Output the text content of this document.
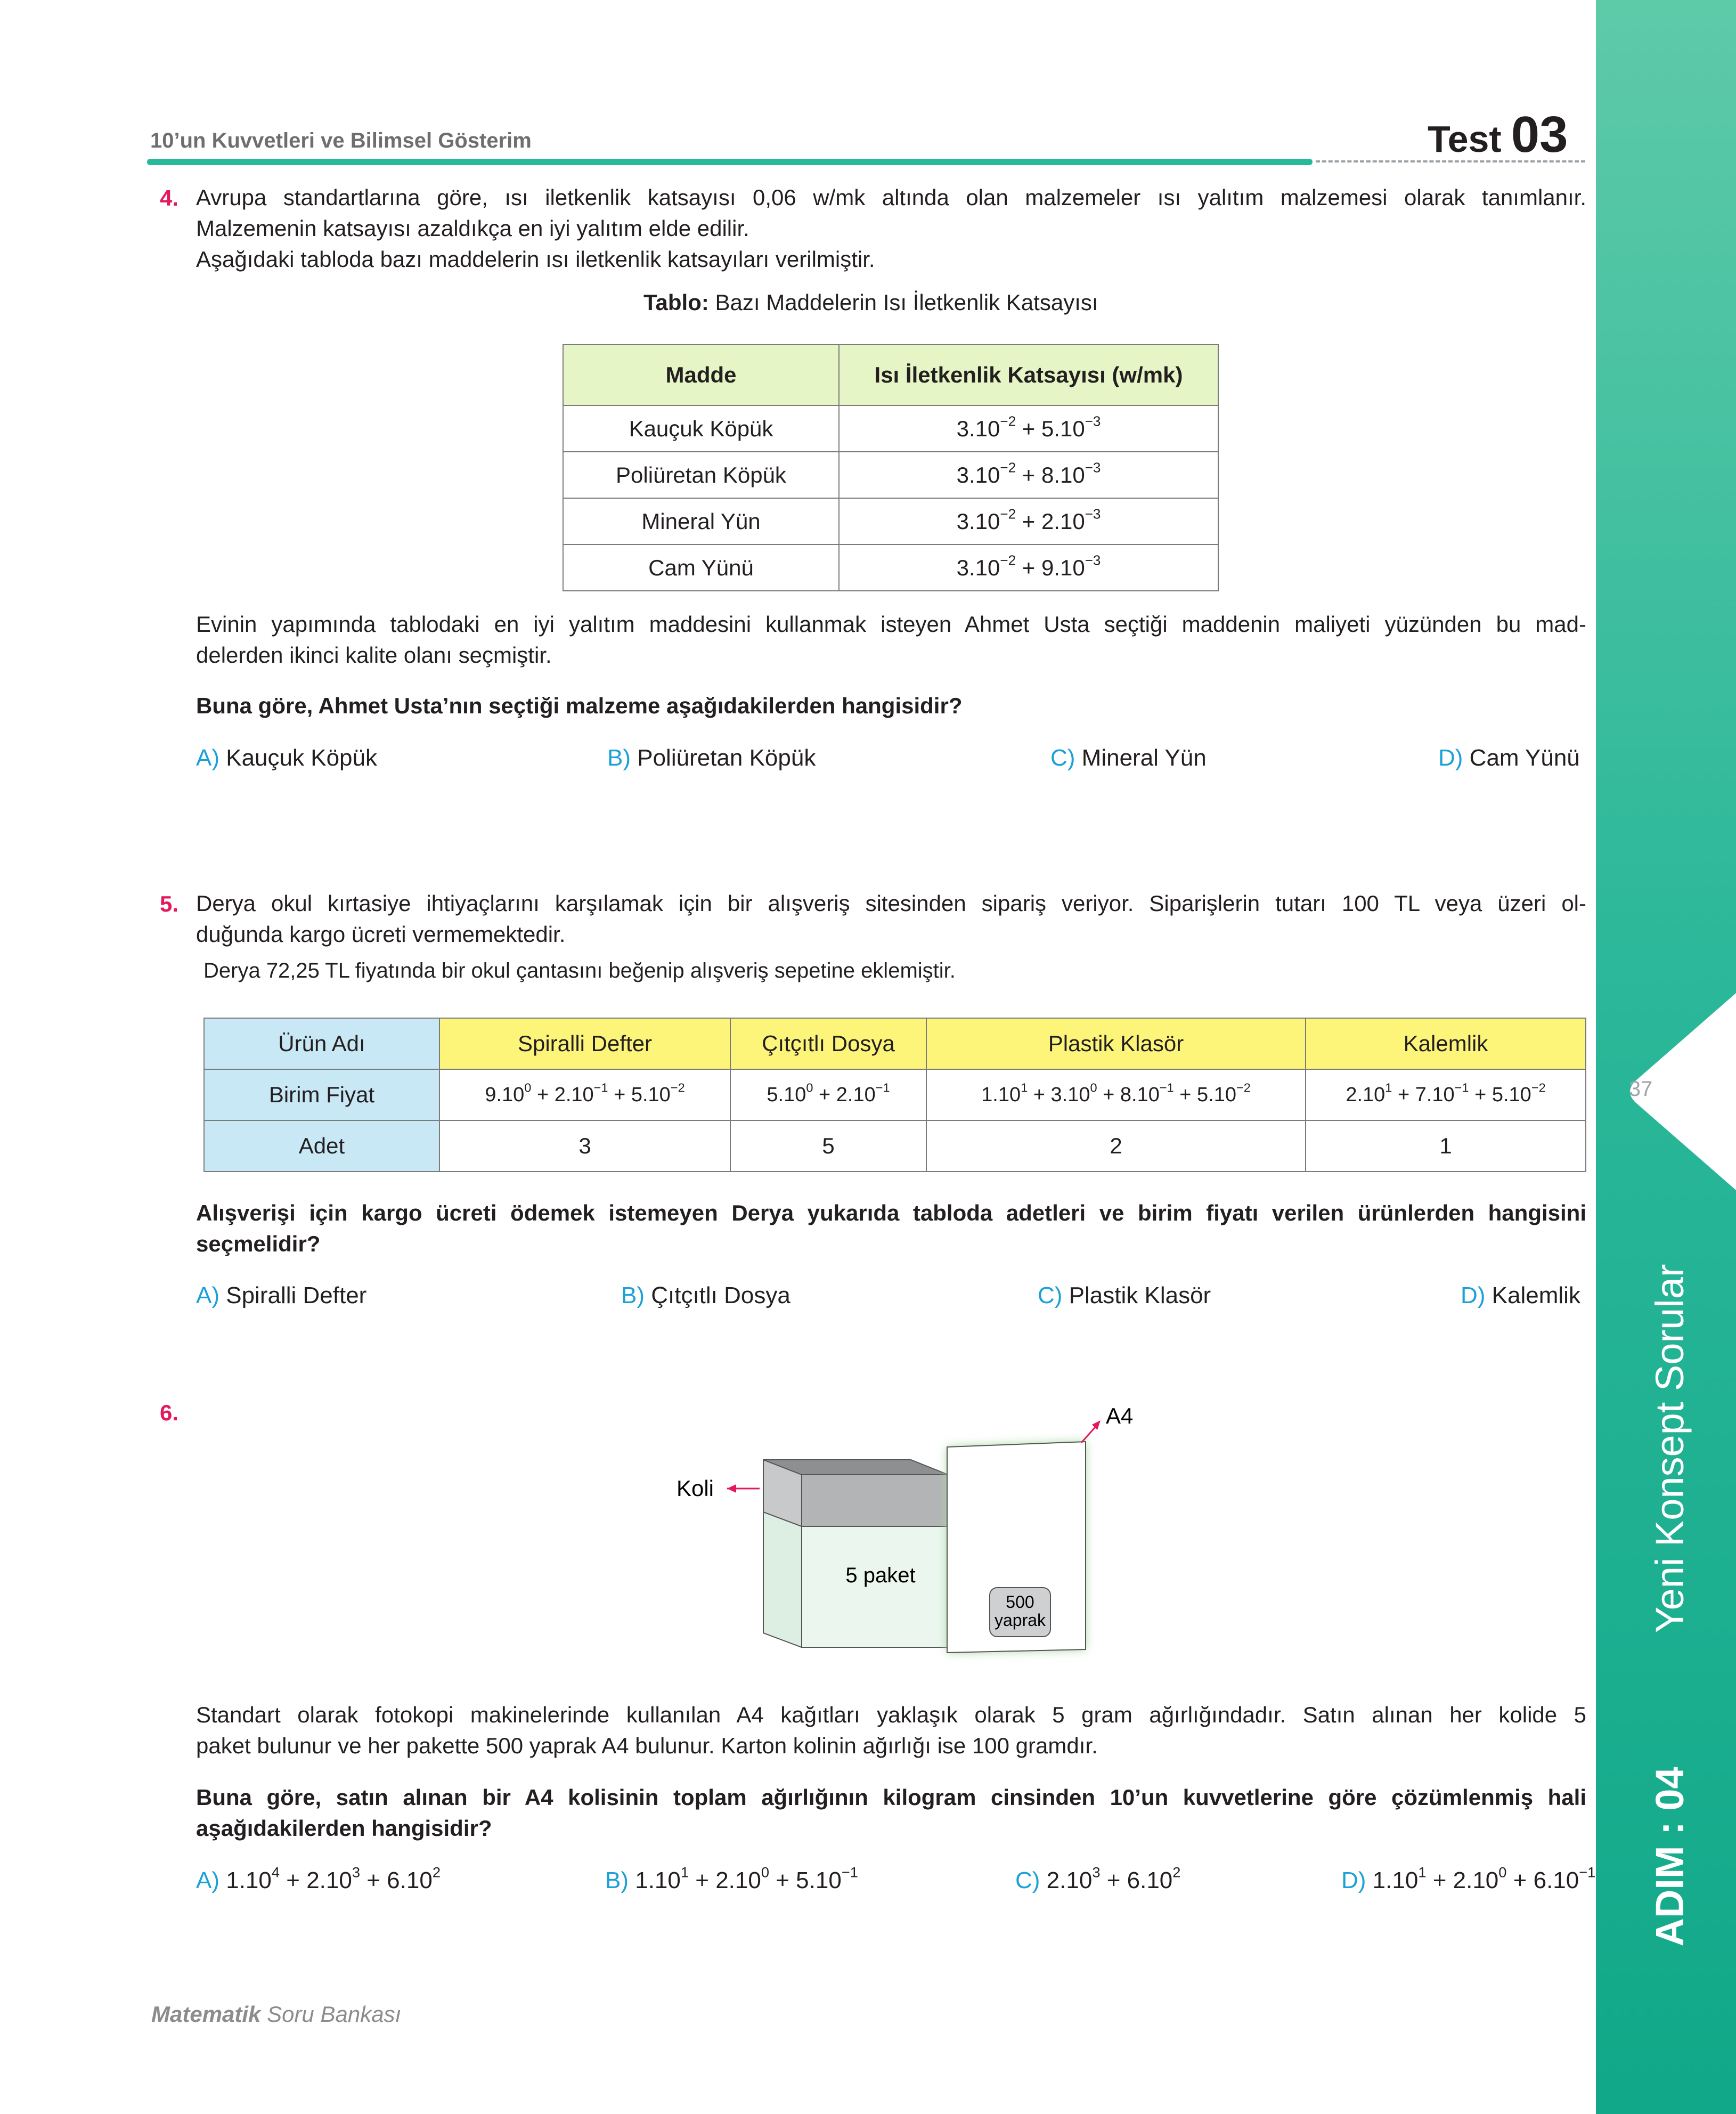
37
Yeni Konsept Sorular
ADIM : 04
10’un Kuvvetleri ve Bilimsel Gösterim	Test 03
4. Avrupa standartlarına göre, ısı iletkenlik katsayısı 0,06 w/mk altında olan malzemeler ısı yalıtım malzemesi olarak tanımlanır.
Malzemenin katsayısı azaldıkça en iyi yalıtım elde edilir.
Aşağıdaki tabloda bazı maddelerin ısı iletkenlik katsayıları verilmiştir.
Tablo: Bazı Maddelerin Isı İletkenlik Katsayısı
Madde	Isı İletkenlik Katsayısı (w/mk)
Kauçuk Köpük	$3.10^{-2} + 5.10^{-3}$
Poliüretan Köpük	$3.10^{-2} + 8.10^{-3}$
Mineral Yün	$3.10^{-2} + 2.10^{-3}$
Cam Yünü	$3.10^{-2} + 9.10^{-3}$
Evinin yapımında tablodaki en iyi yalıtım maddesini kullanmak isteyen Ahmet Usta seçtiği maddenin maliyeti yüzünden bu mad-
delerden ikinci kalite olanı seçmiştir.
Buna göre, Ahmet Usta’nın seçtiği malzeme aşağıdakilerden hangisidir?
A) Kauçuk Köpük	B) Poliüretan Köpük	C) Mineral Yün	D) Cam Yünü
5. Derya okul kırtasiye ihtiyaçlarını karşılamak için bir alışveriş sitesinden sipariş veriyor. Siparişlerin tutarı 100 TL veya üzeri ol-
duğunda kargo ücreti vermemektedir.
Derya 72,25 TL fiyatında bir okul çantasını beğenip alışveriş sepetine eklemiştir.
Ürün Adı	Spiralli Defter	Çıtçıtlı Dosya	Plastik Klasör	Kalemlik
Birim Fiyat	$9.10^0 + 2.10^{-1} + 5.10^{-2}$	$5.10^0 + 2.10^{-1}$	$1.10^1 + 3.10^0 + 8.10^{-1} + 5.10^{-2}$	$2.10^1 + 7.10^{-1} + 5.10^{-2}$
Adet	3	5	2	1
Alışverişi için kargo ücreti ödemek istemeyen Derya yukarıda tabloda adetleri ve birim fiyatı verilen ürünlerden hangisini
seçmelidir?
A) Spiralli Defter	B) Çıtçıtlı Dosya	C) Plastik Klasör	D) Kalemlik
6.
500
yaprak
5 paket
Koli
A4
Standart olarak fotokopi makinelerinde kullanılan A4 kağıtları yaklaşık olarak 5 gram ağırlığındadır. Satın alınan her kolide 5
paket bulunur ve her pakette 500 yaprak A4 bulunur. Karton kolinin ağırlığı ise 100 gramdır.
Buna göre, satın alınan bir A4 kolisinin toplam ağırlığının kilogram cinsinden 10’un kuvvetlerine göre çözümlenmiş hali
aşağıdakilerden hangisidir?
A) $1.10^4 + 2.10^3 + 6.10^2$	B) $1.10^1 + 2.10^0 + 5.10^{-1}$	C) $2.10^3 + 6.10^2$	D) $1.10^1 + 2.10^0 + 6.10^{-1}$
Matematik Soru Bankası
